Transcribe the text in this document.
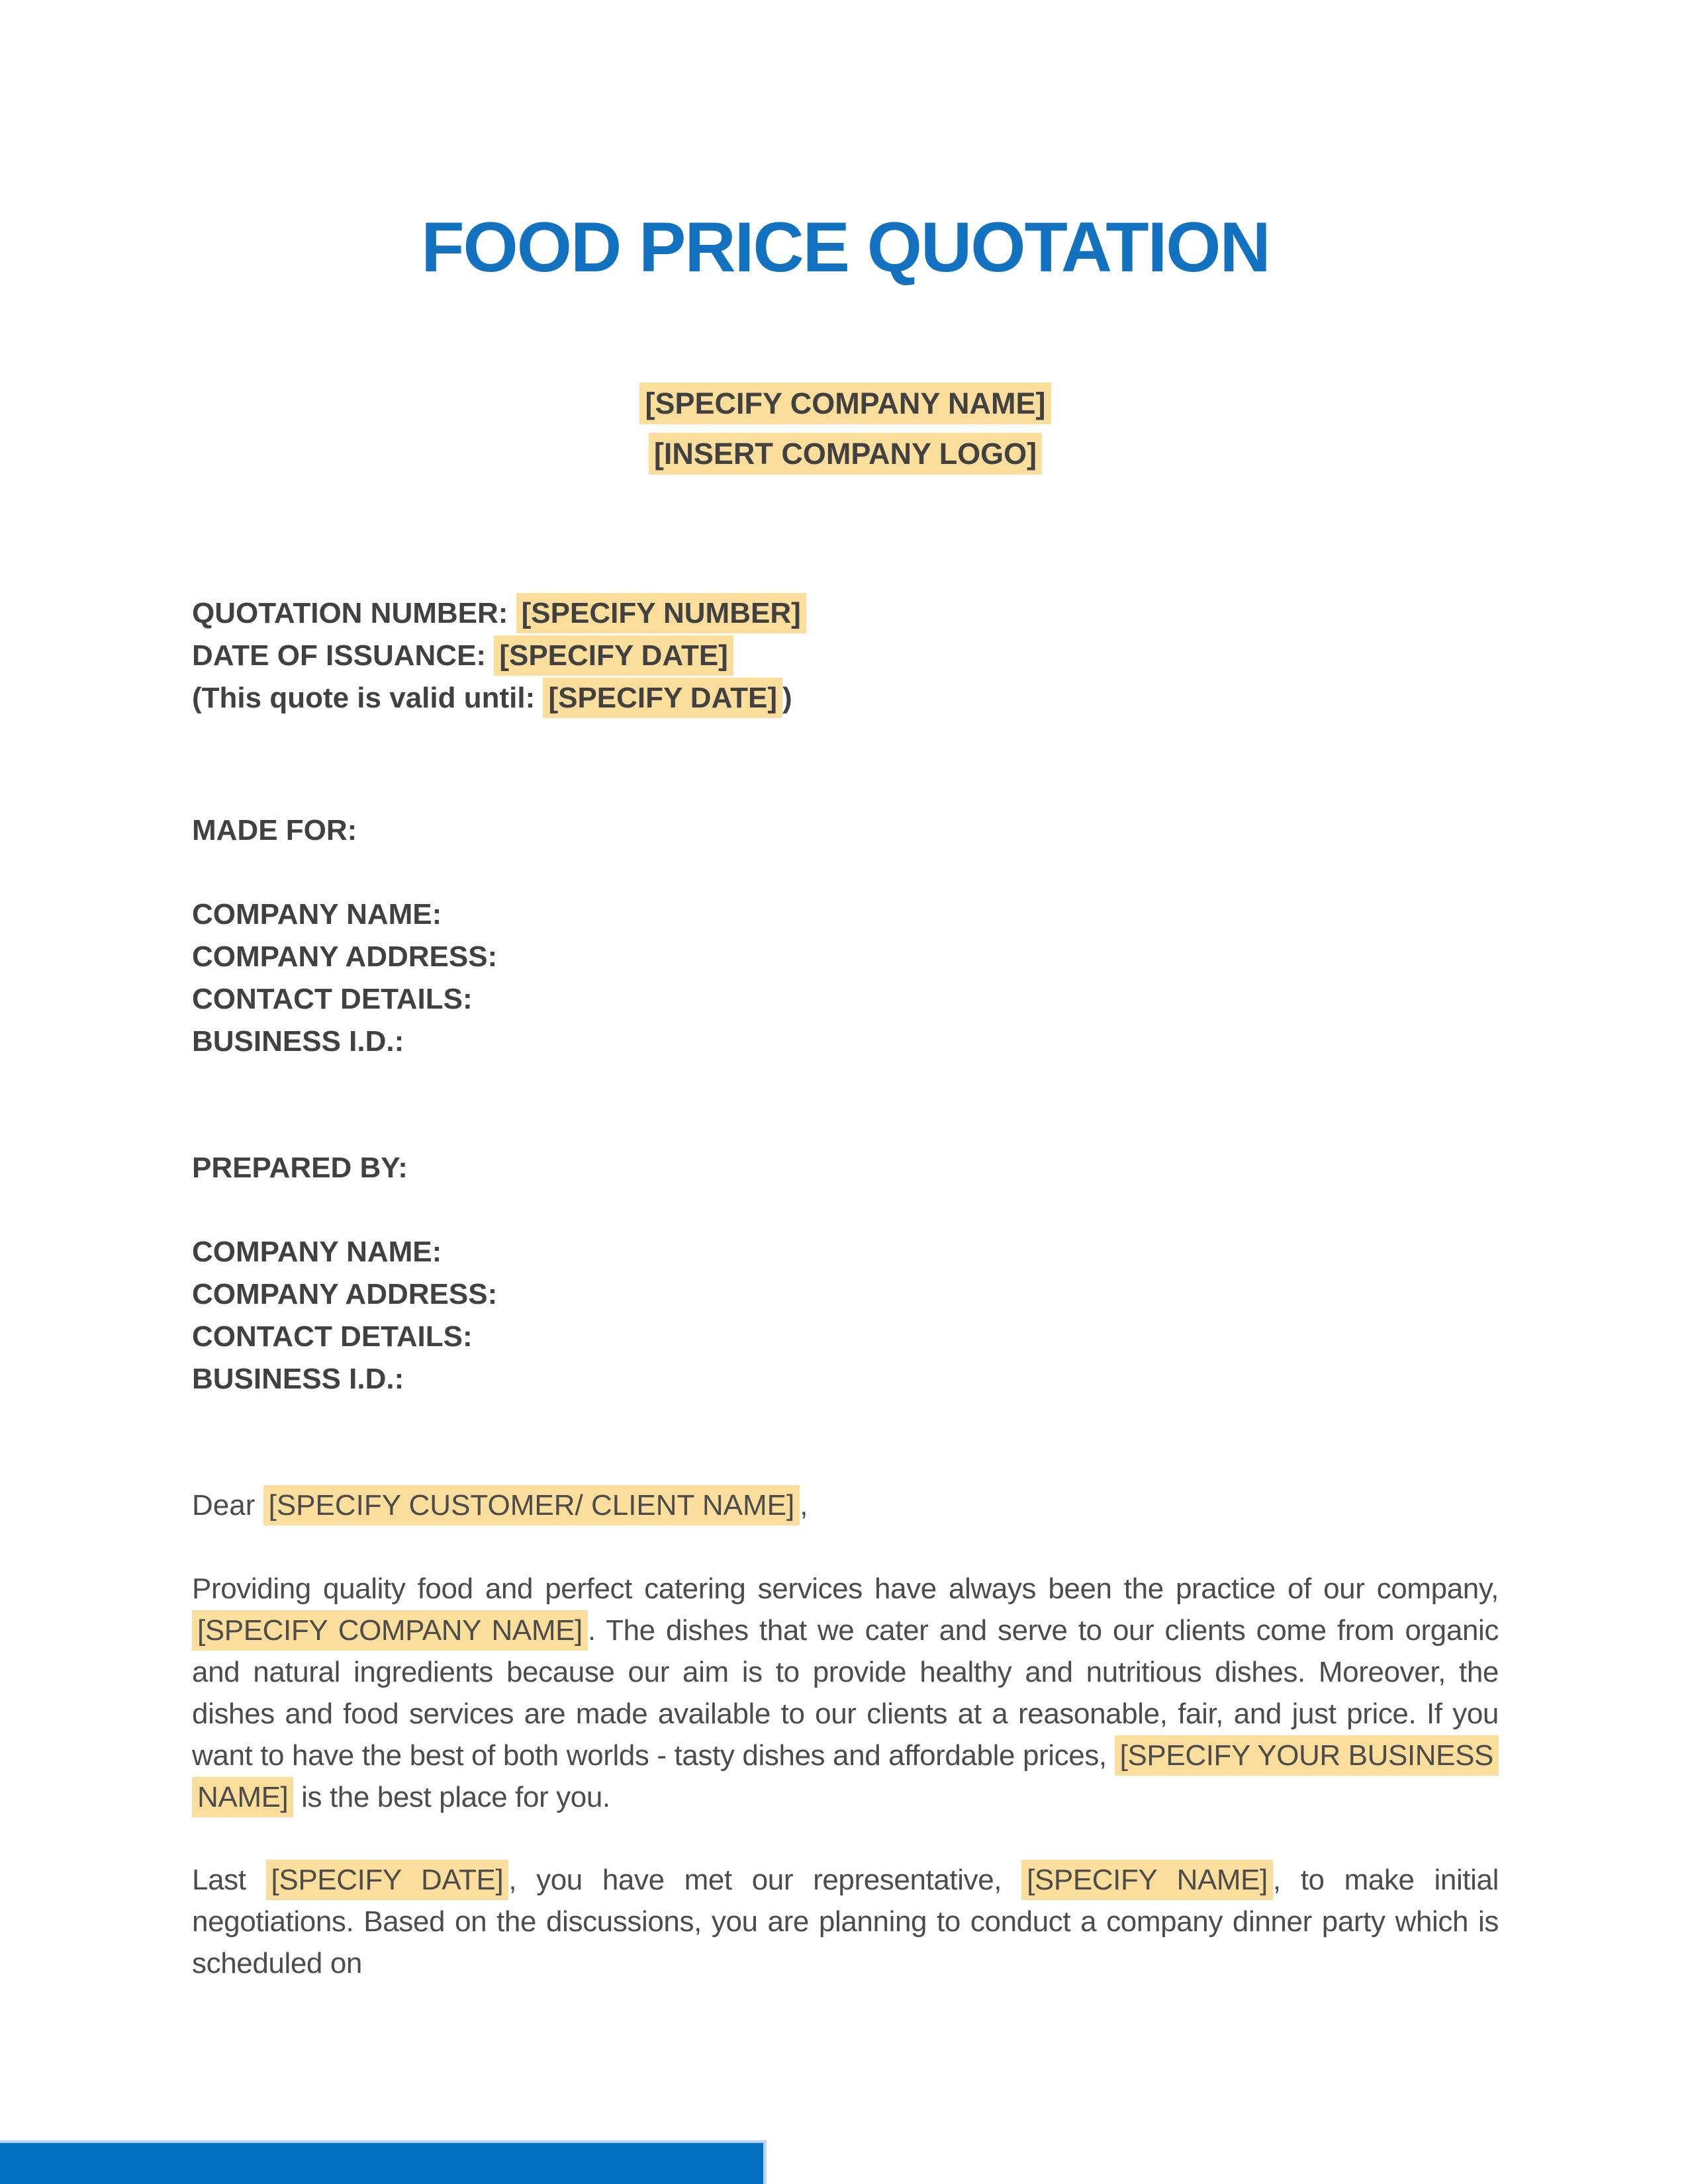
FOOD PRICE QUOTATION
[SPECIFY COMPANY NAME]
[INSERT COMPANY LOGO]
QUOTATION NUMBER: [SPECIFY NUMBER]
DATE OF ISSUANCE: [SPECIFY DATE]
(This quote is valid until: [SPECIFY DATE] )
MADE FOR:
COMPANY NAME:
COMPANY ADDRESS:
CONTACT DETAILS:
BUSINESS I.D.:
PREPARED BY:
COMPANY NAME:
COMPANY ADDRESS:
CONTACT DETAILS:
BUSINESS I.D.:

Dear [SPECIFY CUSTOMER/ CLIENT NAME] ,

Providing quality food and perfect catering services have always been the practice of our company, [SPECIFY COMPANY NAME] . The dishes that we cater and serve to our clients come from organic and natural ingredients because our aim is to provide healthy and nutritious dishes. Moreover, the dishes and food services are made available to our clients at a reasonable, fair, and just price. If you want to have the best of both worlds - tasty dishes and affordable prices, [SPECIFY YOUR BUSINESS NAME] is the best place for you.

Last [SPECIFY DATE] , you have met our representative, [SPECIFY NAME] , to make initial negotiations. Based on the discussions, you are planning to conduct a company dinner party which is scheduled on
